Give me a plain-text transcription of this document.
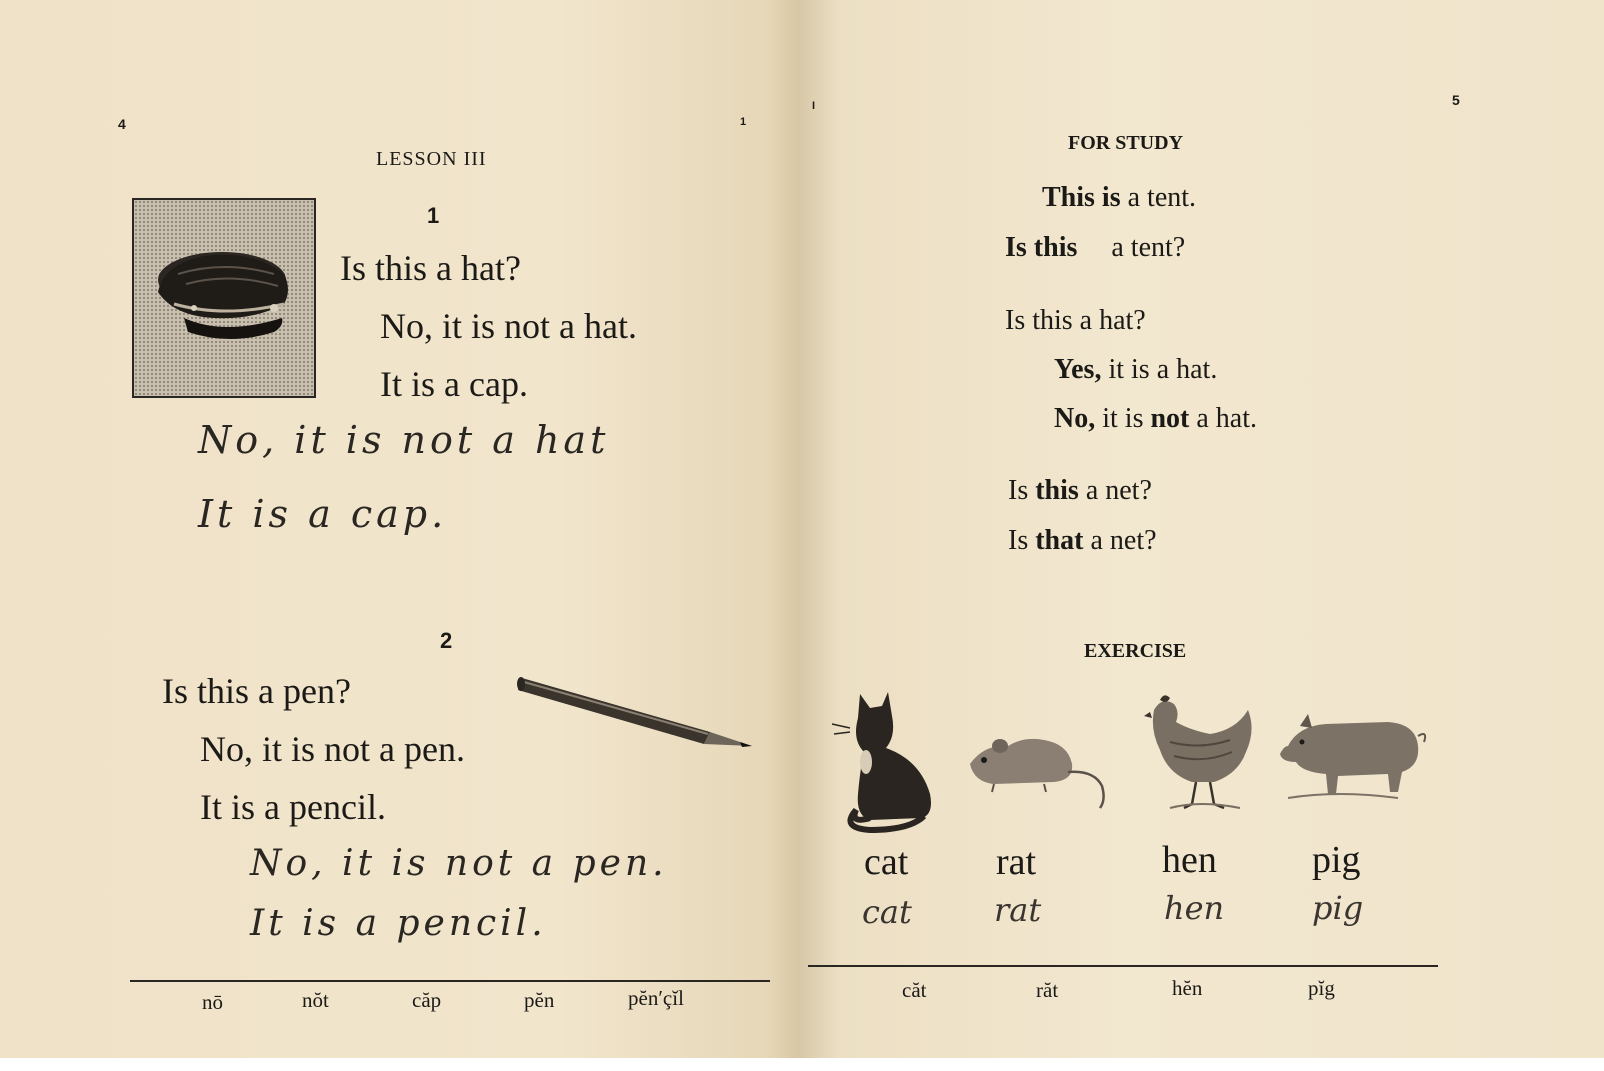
4	1
LESSON III
1
Is this a hat?
No, it is not a hat.
It is a cap.
No, it is not a hat
It is a cap.
2
Is this a pen?
No, it is not a pen.
It is a pencil.
No, it is not a pen.
It is a pencil.
nō	nŏt	căp	pĕn	pĕn′çĭl
I	5
FOR STUDY
This is a tent.
Is this a tent?
Is this a hat?
Yes, it is a hat.
No, it is not a hat.
Is this a net?
Is that a net?
EXERCISE
cat rat	hen	pig
cat	rat	hen	pig
căt	răt	hĕn	pĭg
